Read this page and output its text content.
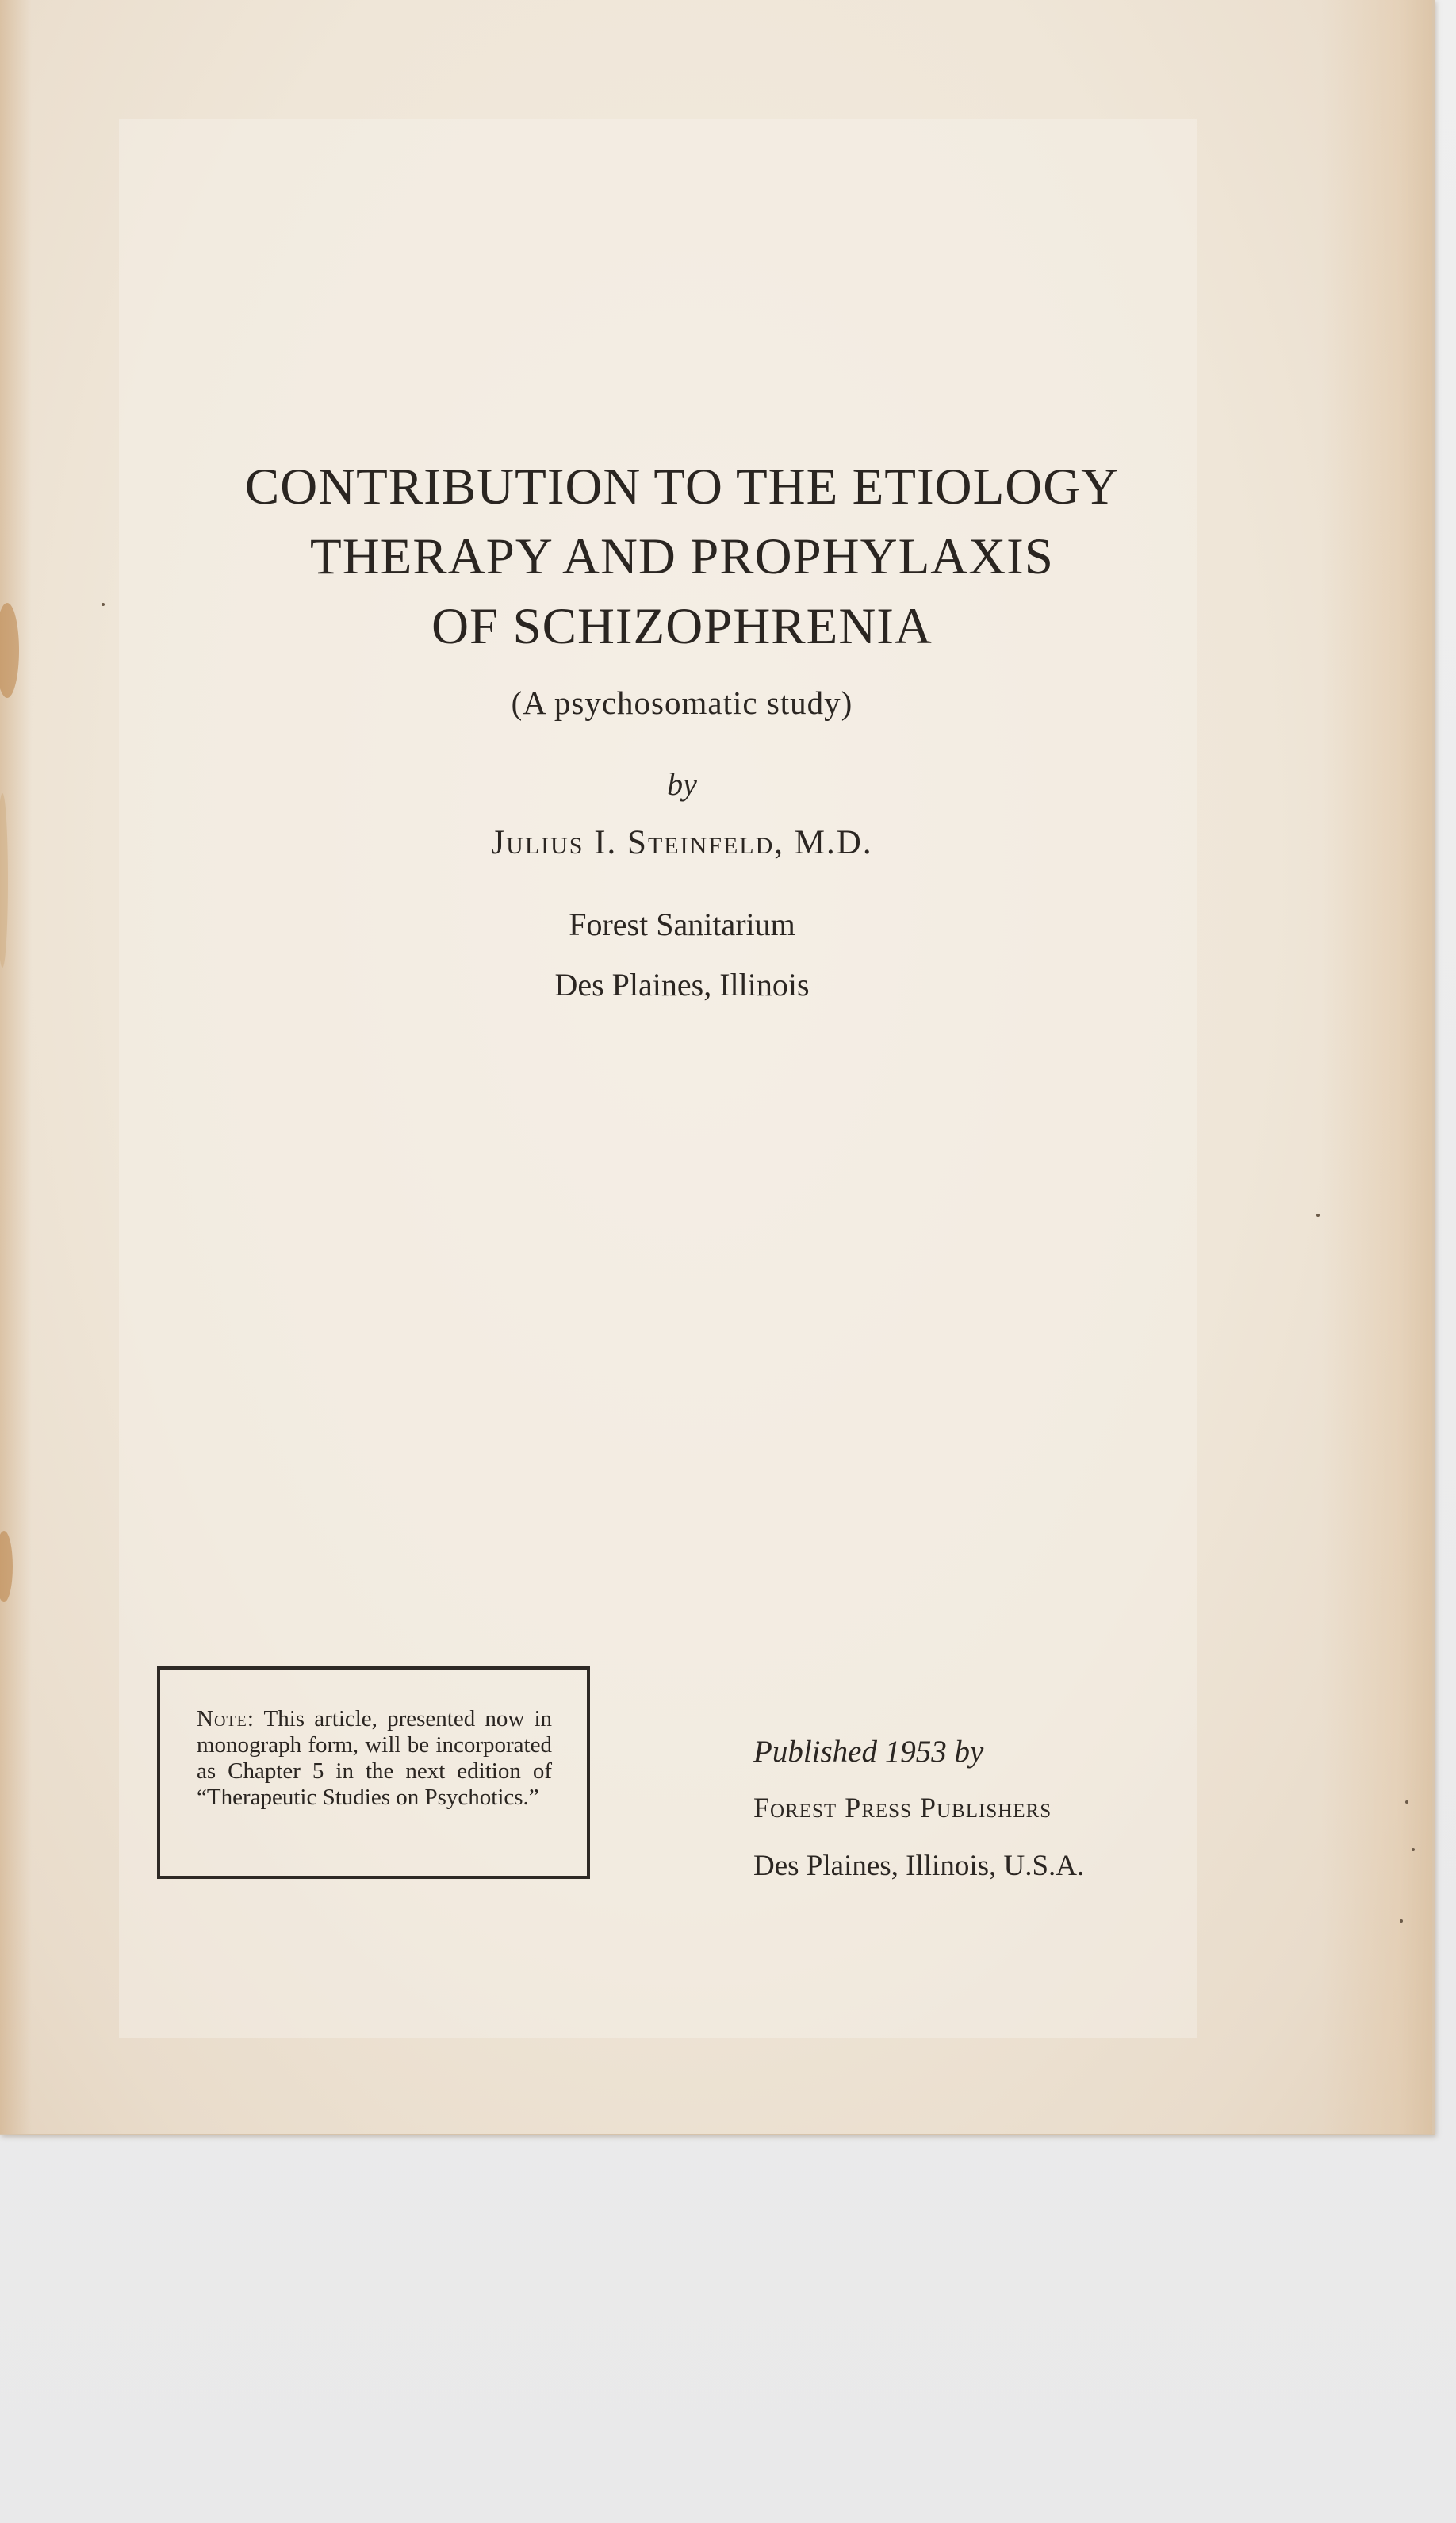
CONTRIBUTION TO THE ETIOLOGY
THERAPY AND PROPHYLAXIS
OF SCHIZOPHRENIA
(A psychosomatic study)
by
Julius I. Steinfeld, M.D.
Forest Sanitarium
Des Plaines, Illinois
Note: This article, presented now in monograph form, will be incorporated as Chapter 5 in the next edition of “Therapeutic Studies on Psychotics.”
Published 1953 by
Forest Press Publishers
Des Plaines, Illinois, U.S.A.
